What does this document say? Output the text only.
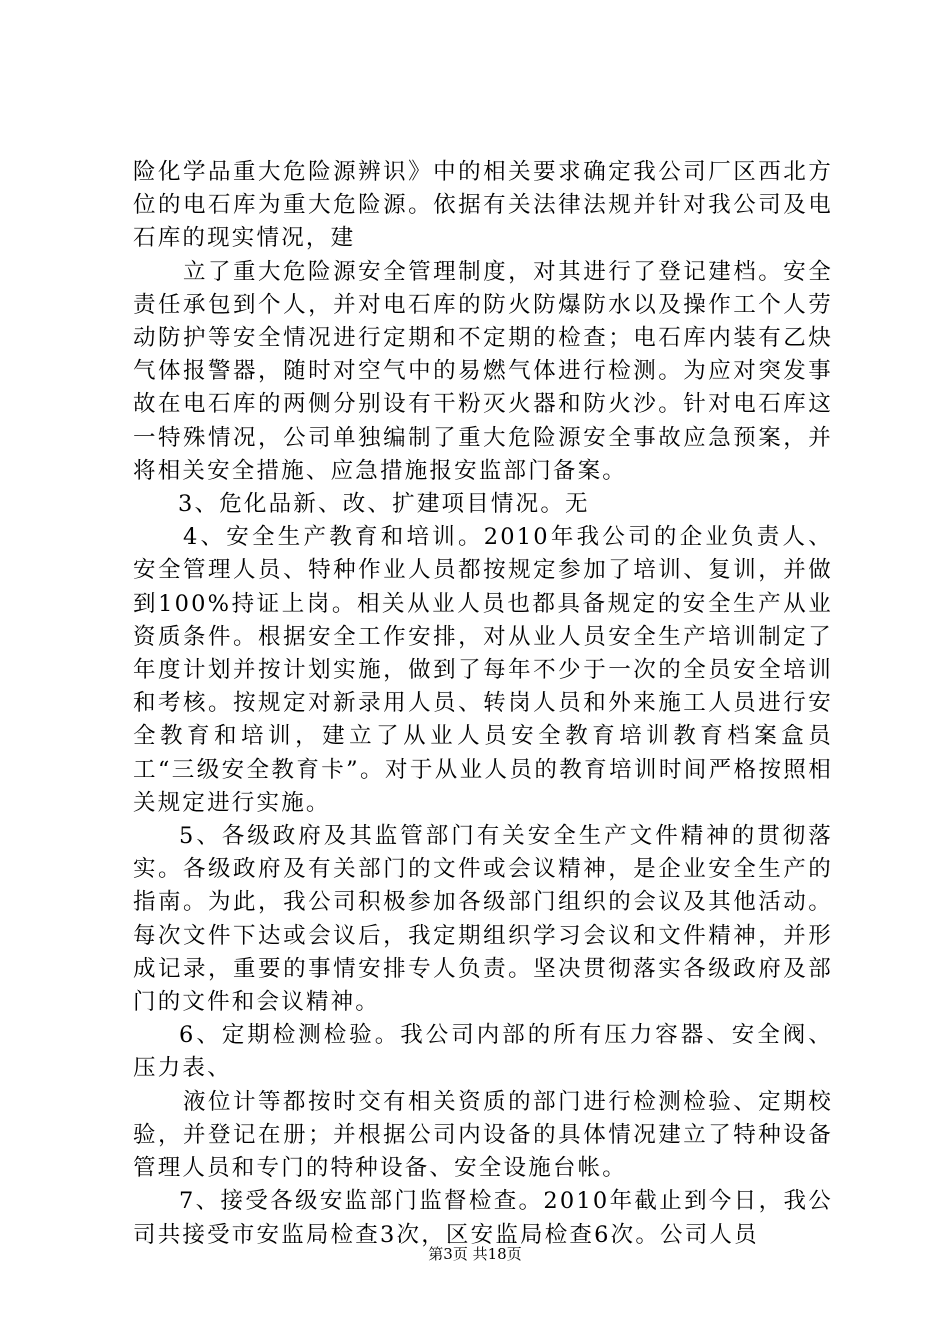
险化学品重大危险源辨识》中的相关要求确定我公司厂区西北方位的电石库为重大危险源。依据有关法律法规并针对我公司及电石库的现实情况，建

立了重大危险源安全管理制度，对其进行了登记建档。安全责任承包到个人，并对电石库的防火防爆防水以及操作工个人劳动防护等安全情况进行定期和不定期的检查；电石库内装有乙炔气体报警器，随时对空气中的易燃气体进行检测。为应对突发事故在电石库的两侧分别设有干粉灭火器和防火沙。针对电石库这一特殊情况，公司单独编制了重大危险源安全事故应急预案，并将相关安全措施、应急措施报安监部门备案。

3、危化品新、改、扩建项目情况。无

4、安全生产教育和培训。2010年我公司的企业负责人、安全管理人员、特种作业人员都按规定参加了培训、复训，并做到100%持证上岗。相关从业人员也都具备规定的安全生产从业资质条件。根据安全工作安排，对从业人员安全生产培训制定了年度计划并按计划实施，做到了每年不少于一次的全员安全培训和考核。按规定对新录用人员、转岗人员和外来施工人员进行安全教育和培训，建立了从业人员安全教育培训教育档案盒员工“三级安全教育卡”。对于从业人员的教育培训时间严格按照相关规定进行实施。

5、各级政府及其监管部门有关安全生产文件精神的贯彻落实。各级政府及有关部门的文件或会议精神，是企业安全生产的指南。为此，我公司积极参加各级部门组织的会议及其他活动。每次文件下达或会议后，我定期组织学习会议和文件精神，并形成记录，重要的事情安排专人负责。坚决贯彻落实各级政府及部门的文件和会议精神。

6、定期检测检验。我公司内部的所有压力容器、安全阀、压力表、

液位计等都按时交有相关资质的部门进行检测检验、定期校验，并登记在册；并根据公司内设备的具体情况建立了特种设备管理人员和专门的特种设备、安全设施台帐。

7、接受各级安监部门监督检查。2010年截止到今日，我公司共接受市安监局检查3次，区安监局检查6次。公司人员

第3页 共18页
